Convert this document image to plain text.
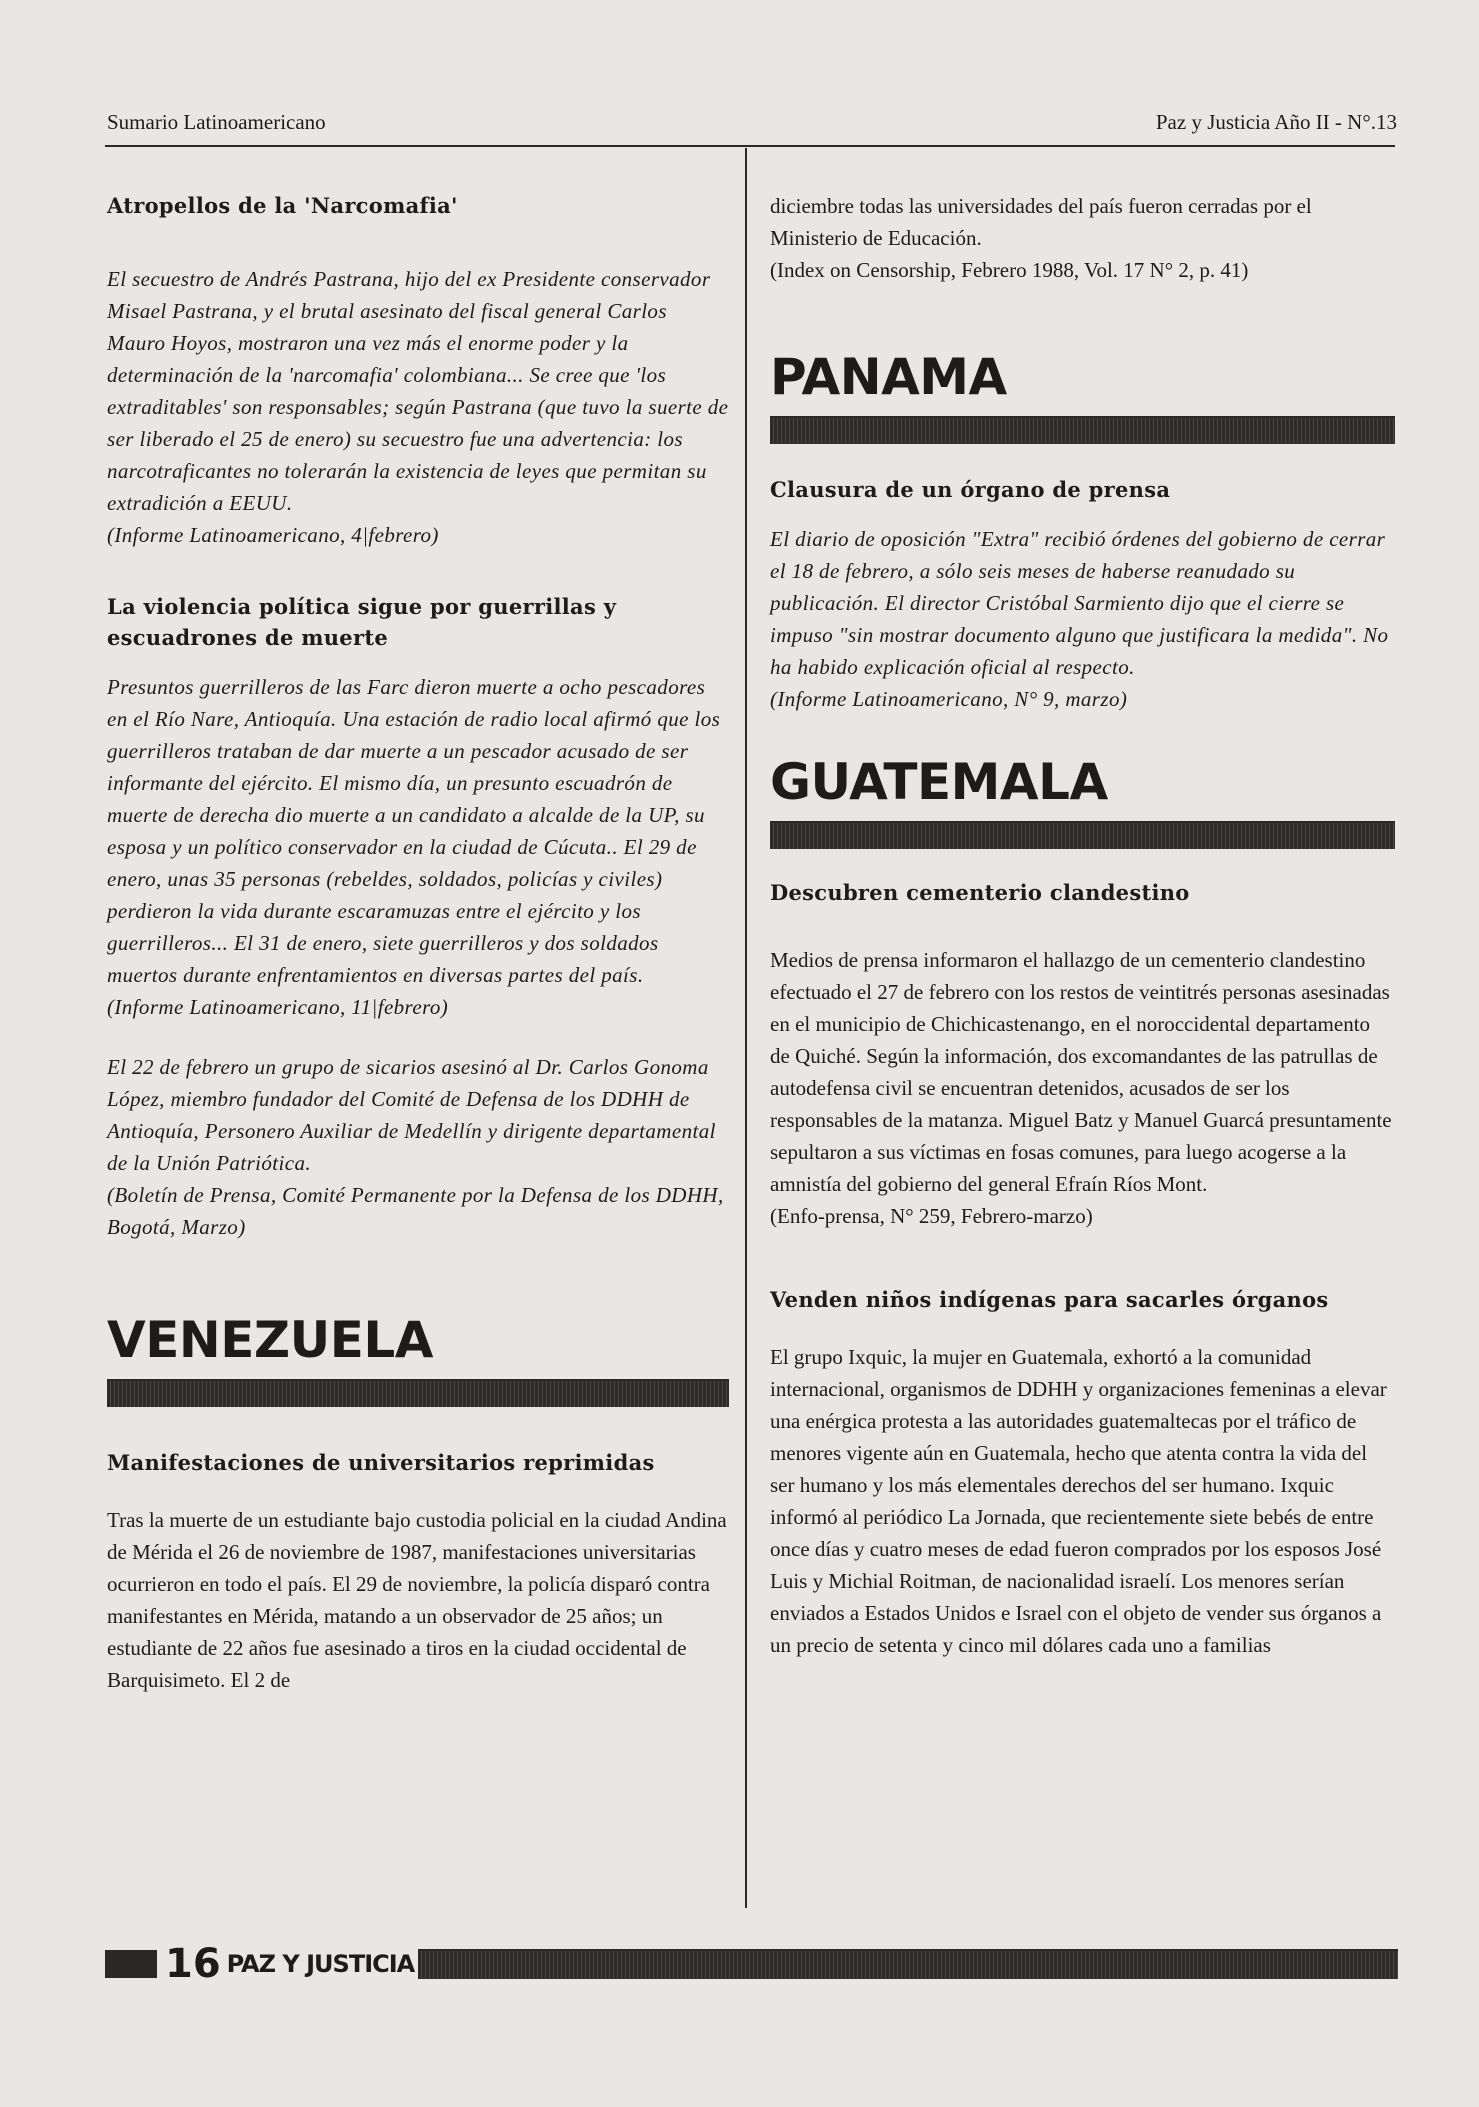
Sumario Latinoamericano	Paz y Justicia Año II - N°.13
Atropellos de la 'Narcomafia'

El secuestro de Andrés Pastrana, hijo del ex Presidente conservador Misael Pastrana, y el brutal asesinato del fiscal general Carlos Mauro Hoyos, mostraron una vez más el enorme poder y la determinación de la 'narcomafia' colombiana... Se cree que 'los extraditables' son responsables; según Pastrana (que tuvo la suerte de ser liberado el 25 de enero) su secuestro fue una advertencia: los narcotraficantes no tolerarán la existencia de leyes que permitan su extradición a EEUU.

(Informe Latinoamericano, 4|febrero)

La violencia política sigue por guerrillas y escuadrones de muerte

Presuntos guerrilleros de las Farc dieron muerte a ocho pescadores en el Río Nare, Antioquía. Una estación de radio local afirmó que los guerrilleros trataban de dar muerte a un pescador acusado de ser informante del ejército. El mismo día, un presunto escuadrón de muerte de derecha dio muerte a un candidato a alcalde de la UP, su esposa y un político conservador en la ciudad de Cúcuta.. El 29 de enero, unas 35 personas (rebeldes, soldados, policías y civiles) perdieron la vida durante escaramuzas entre el ejército y los guerrilleros... El 31 de enero, siete guerrilleros y dos soldados muertos durante enfrentamientos en diversas partes del país.

(Informe Latinoamericano, 11|febrero)

El 22 de febrero un grupo de sicarios asesinó al Dr. Carlos Gonoma López, miembro fundador del Comité de Defensa de los DDHH de Antioquía, Personero Auxiliar de Medellín y dirigente departamental de la Unión Patriótica.

(Boletín de Prensa, Comité Permanente por la Defensa de los DDHH, Bogotá, Marzo)

VENEZUELA
Manifestaciones de universitarios reprimidas

Tras la muerte de un estudiante bajo custodia policial en la ciudad Andina de Mérida el 26 de noviembre de 1987, manifestaciones universitarias ocurrieron en todo el país. El 29 de noviembre, la policía disparó contra manifestantes en Mérida, matando a un observador de 25 años; un estudiante de 22 años fue asesinado a tiros en la ciudad occidental de Barquisimeto. El 2 de

diciembre todas las universidades del país fueron cerradas por el Ministerio de Educación.

(Index on Censorship, Febrero 1988, Vol. 17 N° 2, p. 41)

PANAMA
Clausura de un órgano de prensa

El diario de oposición "Extra" recibió órdenes del gobierno de cerrar el 18 de febrero, a sólo seis meses de haberse reanudado su publicación. El director Cristóbal Sarmiento dijo que el cierre se impuso "sin mostrar documento alguno que justificara la medida". No ha habido explicación oficial al respecto.

(Informe Latinoamericano, N° 9, marzo)

GUATEMALA
Descubren cementerio clandestino

Medios de prensa informaron el hallazgo de un cementerio clandestino efectuado el 27 de febrero con los restos de veintitrés personas asesinadas en el municipio de Chichicastenango, en el noroccidental departamento de Quiché. Según la información, dos excomandantes de las patrullas de autodefensa civil se encuentran detenidos, acusados de ser los responsables de la matanza. Miguel Batz y Manuel Guarcá presuntamente sepultaron a sus víctimas en fosas comunes, para luego acogerse a la amnistía del gobierno del general Efraín Ríos Mont.

(Enfo-prensa, N° 259, Febrero-marzo)

Venden niños indígenas para sacarles órganos

El grupo Ixquic, la mujer en Guatemala, exhortó a la comunidad internacional, organismos de DDHH y organizaciones femeninas a elevar una enérgica protesta a las autoridades guatemaltecas por el tráfico de menores vigente aún en Guatemala, hecho que atenta contra la vida del ser humano y los más elementales derechos del ser humano. Ixquic informó al periódico La Jornada, que recientemente siete bebés de entre once días y cuatro meses de edad fueron comprados por los esposos José Luis y Michial Roitman, de nacionalidad israelí. Los menores serían enviados a Estados Unidos e Israel con el objeto de vender sus órganos a un precio de setenta y cinco mil dólares cada uno a familias

16 PAZ Y JUSTICIA
